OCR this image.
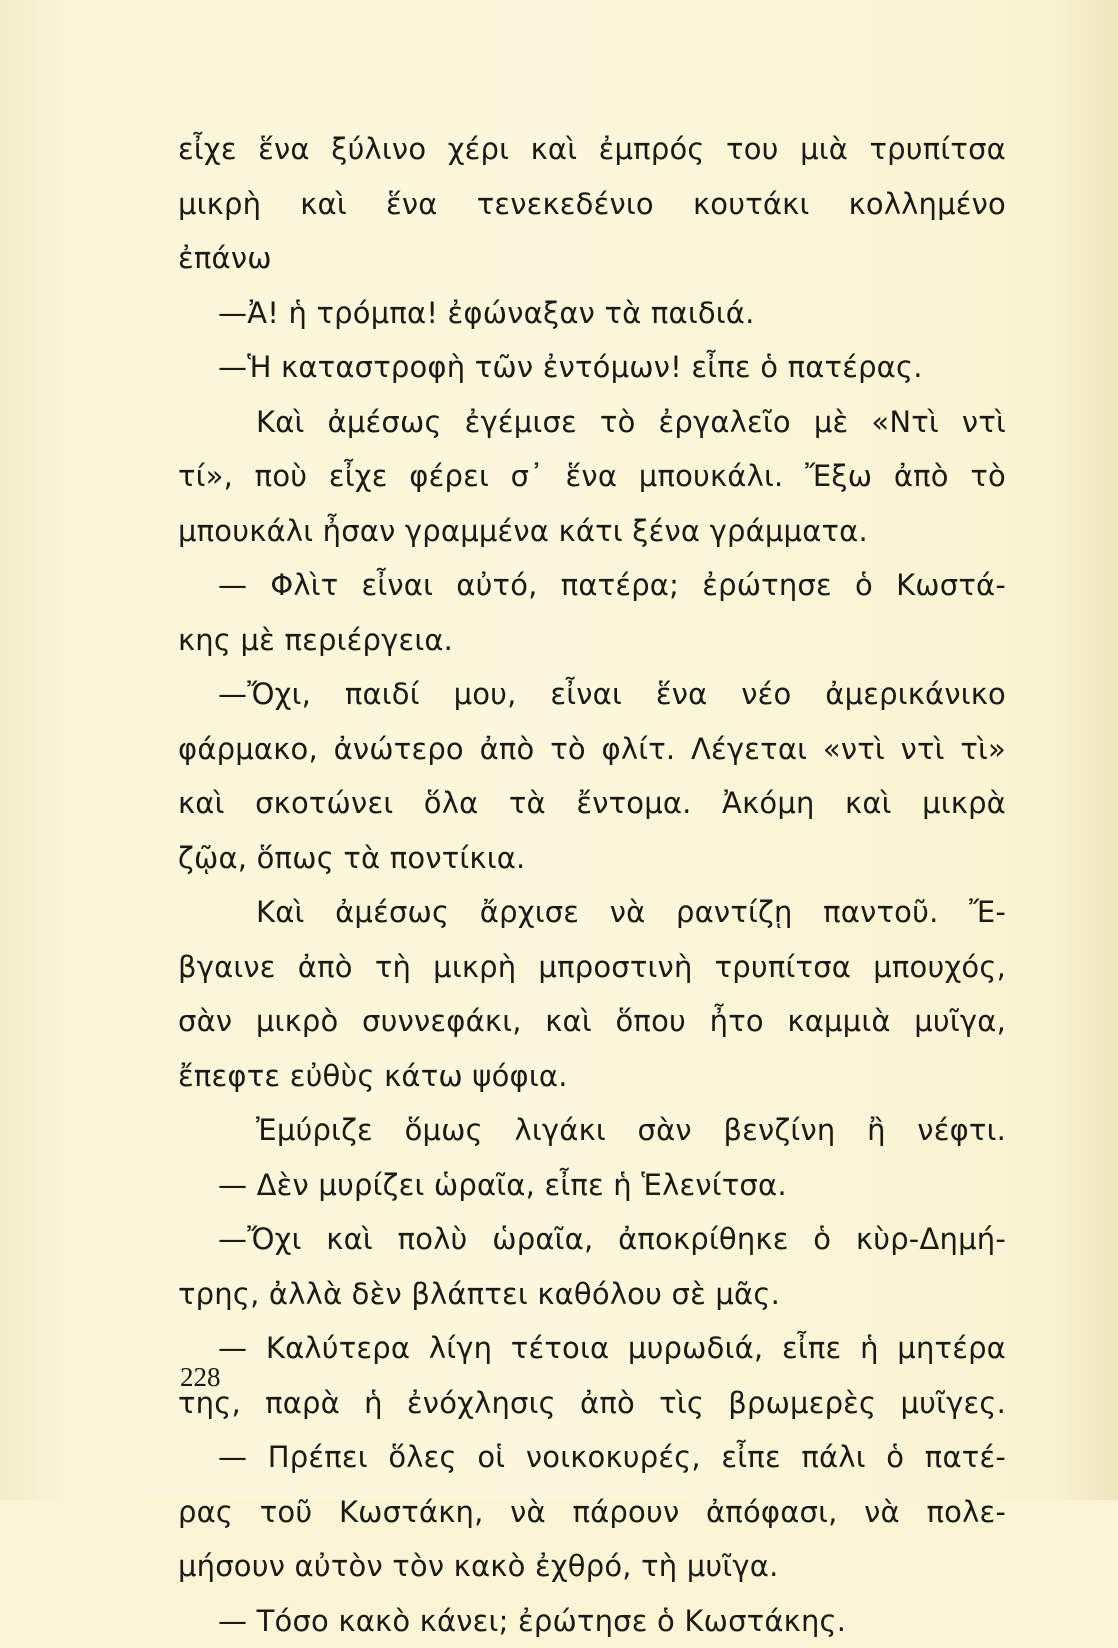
εἶχε ἕνα ξύλινο χέρι καὶ ἐμπρός του μιὰ τρυπίτσα
μικρὴ καὶ ἕνα τενεκεδένιο κουτάκι κολλημένο
ἐπάνω
—Ἀ! ἡ τρόμπα! ἐφώναξαν τὰ παιδιά.
—Ἡ καταστροφὴ τῶν ἐντόμων! εἶπε ὁ πατέρας.
Καὶ ἀμέσως ἐγέμισε τὸ ἐργαλεῖο μὲ «Ντὶ ντὶ
τί», ποὺ εἶχε φέρει σ᾽ ἕνα μπουκάλι. Ἔξω ἀπὸ τὸ
μπουκάλι ἦσαν γραμμένα κάτι ξένα γράμματα.
— Φλὶτ εἶναι αὐτό, πατέρα; ἐρώτησε ὁ Κωστά-
κης μὲ περιέργεια.
—Ὄχι, παιδί μου, εἶναι ἕνα νέο ἀμερικάνικο
φάρμακο, ἀνώτερο ἀπὸ τὸ φλίτ. Λέγεται «ντὶ ντὶ τὶ»
καὶ σκοτώνει ὅλα τὰ ἔντομα. Ἀκόμη καὶ μικρὰ
ζῷα, ὅπως τὰ ποντίκια.
Καὶ ἀμέσως ἄρχισε νὰ ραντίζῃ παντοῦ. Ἔ-
βγαινε ἀπὸ τὴ μικρὴ μπροστινὴ τρυπίτσα μπουχός,
σὰν μικρὸ συννεφάκι, καὶ ὅπου ἦτο καμμιὰ μυῖγα,
ἔπεφτε εὐθὺς κάτω ψόφια.
Ἐμύριζε ὅμως λιγάκι σὰν βενζίνη ἢ νέφτι.
— Δὲν μυρίζει ὡραῖα, εἶπε ἡ Ἑλενίτσα.
—Ὄχι καὶ πολὺ ὡραῖα, ἀποκρίθηκε ὁ κὺρ-Δημή-
τρης, ἀλλὰ δὲν βλάπτει καθόλου σὲ μᾶς.
— Καλύτερα λίγη τέτοια μυρωδιά, εἶπε ἡ μητέρα
της, παρὰ ἡ ἐνόχλησις ἀπὸ τὶς βρωμερὲς μυῖγες.
— Πρέπει ὅλες οἱ νοικοκυρές, εἶπε πάλι ὁ πατέ-
ρας τοῦ Κωστάκη, νὰ πάρουν ἀπόφασι, νὰ πολε-
μήσουν αὐτὸν τὸν κακὸ ἐχθρό, τὴ μυῖγα.
— Τόσο κακὸ κάνει; ἐρώτησε ὁ Κωστάκης.
228
